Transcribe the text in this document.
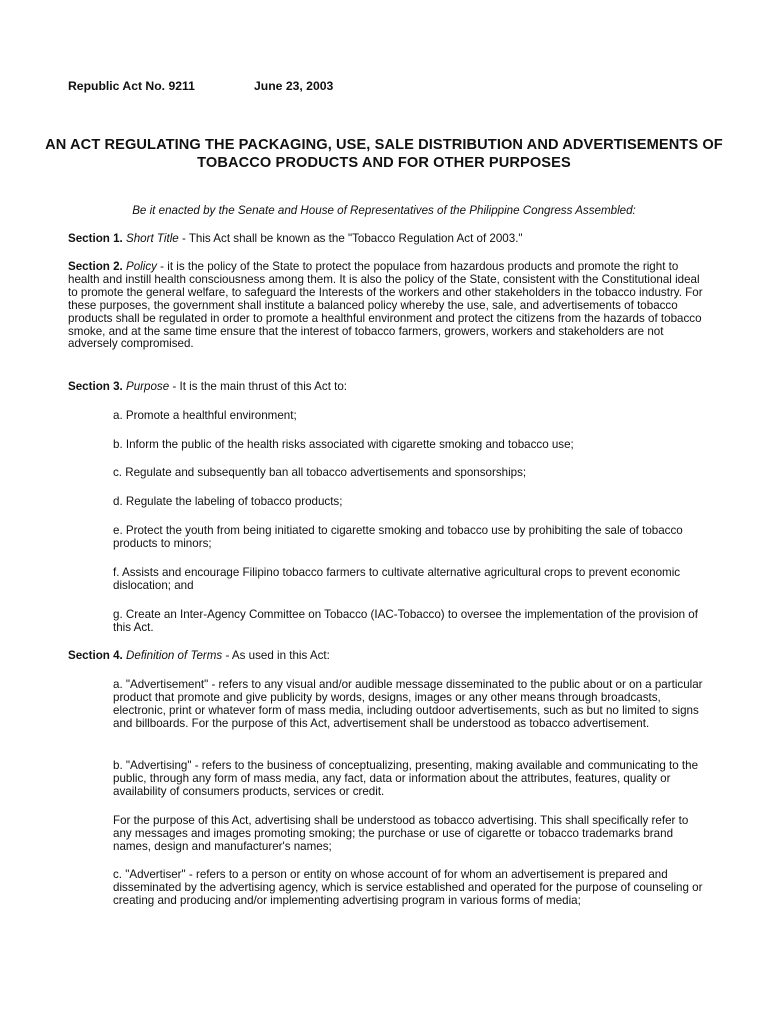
Republic Act No. 9211	June 23, 2003
AN ACT REGULATING THE PACKAGING, USE, SALE DISTRIBUTION AND ADVERTISEMENTS OF TOBACCO PRODUCTS AND FOR OTHER PURPOSES
Be it enacted by the Senate and House of Representatives of the Philippine Congress Assembled:
Section 1. Short Title - This Act shall be known as the "Tobacco Regulation Act of 2003."
Section 2. Policy - it is the policy of the State to protect the populace from hazardous products and promote the right to health and instill health consciousness among them. It is also the policy of the State, consistent with the Constitutional ideal to promote the general welfare, to safeguard the Interests of the workers and other stakeholders in the tobacco industry. For these purposes, the government shall institute a balanced policy whereby the use, sale, and advertisements of tobacco products shall be regulated in order to promote a healthful environment and protect the citizens from the hazards of tobacco smoke, and at the same time ensure that the interest of tobacco farmers, growers, workers and stakeholders are not adversely compromised.
Section 3. Purpose - It is the main thrust of this Act to:
a. Promote a healthful environment;
b. Inform the public of the health risks associated with cigarette smoking and tobacco use;
c. Regulate and subsequently ban all tobacco advertisements and sponsorships;
d. Regulate the labeling of tobacco products;
e. Protect the youth from being initiated to cigarette smoking and tobacco use by prohibiting the sale of tobacco products to minors;
f. Assists and encourage Filipino tobacco farmers to cultivate alternative agricultural crops to prevent economic dislocation; and
g. Create an Inter-Agency Committee on Tobacco (IAC-Tobacco) to oversee the implementation of the provision of this Act.
Section 4. Definition of Terms - As used in this Act:
a. "Advertisement" - refers to any visual and/or audible message disseminated to the public about or on a particular product that promote and give publicity by words, designs, images or any other means through broadcasts, electronic, print or whatever form of mass media, including outdoor advertisements, such as but no limited to signs and billboards. For the purpose of this Act, advertisement shall be understood as tobacco advertisement.
b. "Advertising" - refers to the business of conceptualizing, presenting, making available and communicating to the public, through any form of mass media, any fact, data or information about the attributes, features, quality or availability of consumers products, services or credit.
For the purpose of this Act, advertising shall be understood as tobacco advertising. This shall specifically refer to any messages and images promoting smoking; the purchase or use of cigarette or tobacco trademarks brand names, design and manufacturer's names;
c. "Advertiser" - refers to a person or entity on whose account of for whom an advertisement is prepared and disseminated by the advertising agency, which is service established and operated for the purpose of counseling or creating and producing and/or implementing advertising program in various forms of media;
